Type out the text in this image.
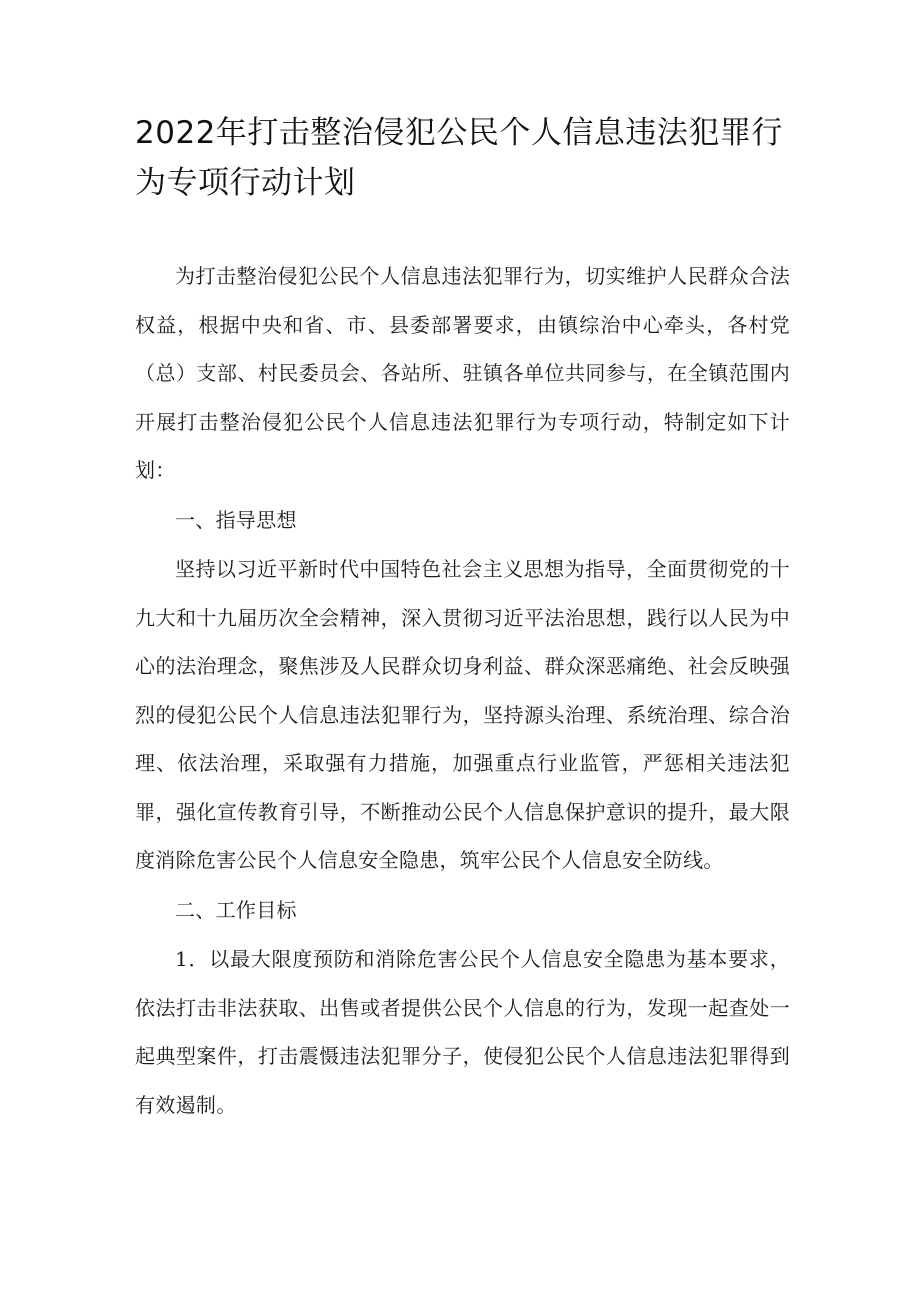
2022年打击整治侵犯公民个人信息违法犯罪行为专项行动计划

为打击整治侵犯公民个人信息违法犯罪行为，切实维护人民群众合法权益，根据中央和省、市、县委部署要求，由镇综治中心牵头，各村党（总）支部、村民委员会、各站所、驻镇各单位共同参与，在全镇范围内开展打击整治侵犯公民个人信息违法犯罪行为专项行动，特制定如下计划：

一、指导思想

坚持以习近平新时代中国特色社会主义思想为指导，全面贯彻党的十九大和十九届历次全会精神，深入贯彻习近平法治思想，践行以人民为中心的法治理念，聚焦涉及人民群众切身利益、群众深恶痛绝、社会反映强烈的侵犯公民个人信息违法犯罪行为，坚持源头治理、系统治理、综合治理、依法治理，采取强有力措施，加强重点行业监管，严惩相关违法犯罪，强化宣传教育引导，不断推动公民个人信息保护意识的提升，最大限度消除危害公民个人信息安全隐患，筑牢公民个人信息安全防线。

二、工作目标

1．以最大限度预防和消除危害公民个人信息安全隐患为基本要求，依法打击非法获取、出售或者提供公民个人信息的行为，发现一起查处一起典型案件，打击震慑违法犯罪分子，使侵犯公民个人信息违法犯罪得到有效遏制。
